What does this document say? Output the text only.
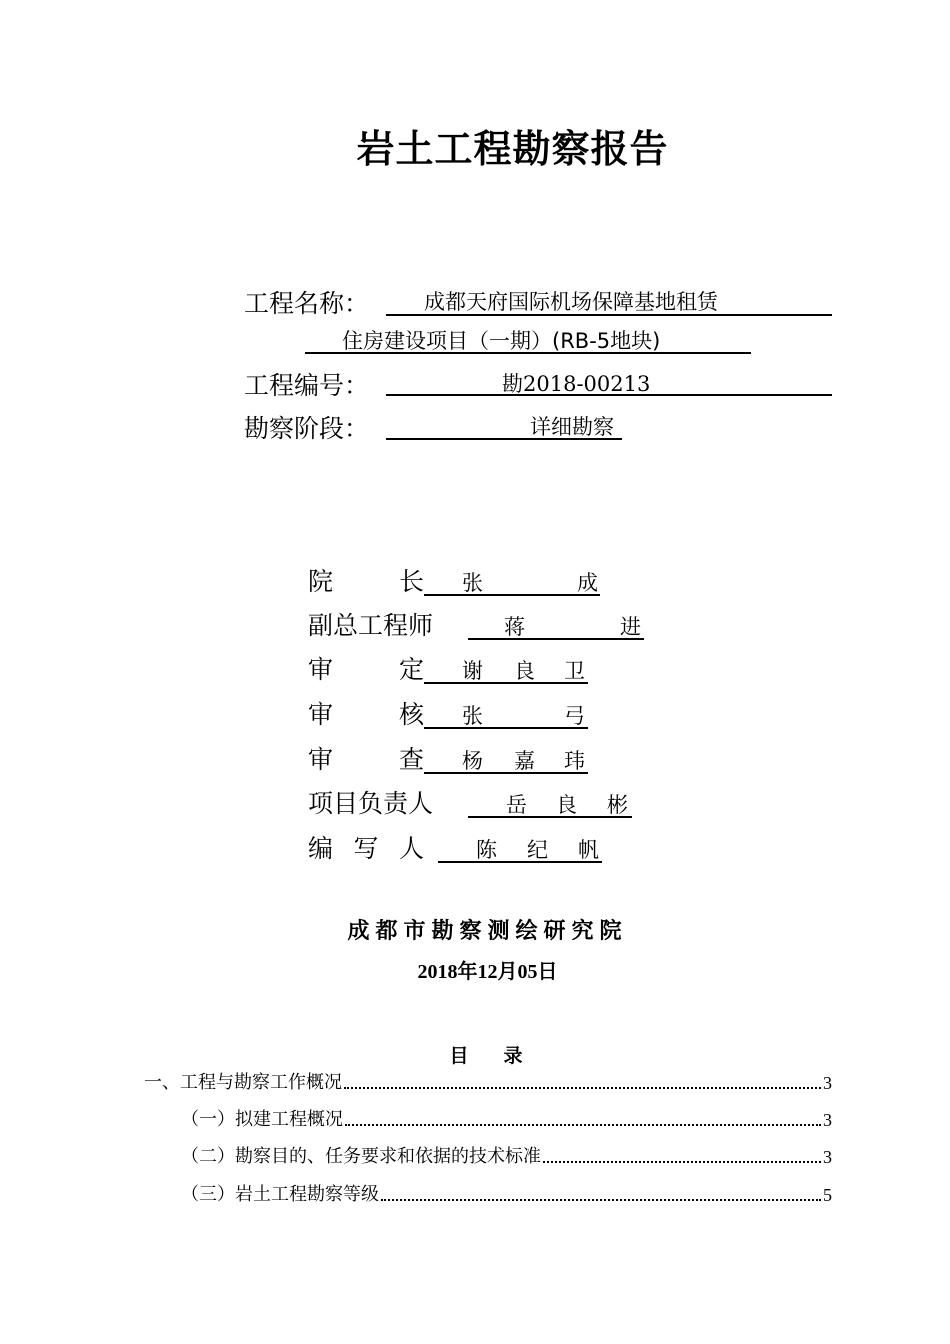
岩土工程勘察报告
工程名称：	成都天府国际机场保障基地租赁
住房建设项目（一期）(RB-5地块)
工程编号：	勘2018-00213
勘察阶段：	详细勘察
院　　长 张	成
副总工程师	蒋	进
审　　定 谢 良 卫
审　　核 张	弓
审　　查 杨 嘉 玮
项目负责人	岳 良 彬
编 写 人 陈 纪 帆
成都市勘察测绘研究院
2018年12月05日
目　录
一、工程与勘察工作概况	3
（一）拟建工程概况	3
（二）勘察目的、任务要求和依据的技术标准	3
（三）岩土工程勘察等级	5
